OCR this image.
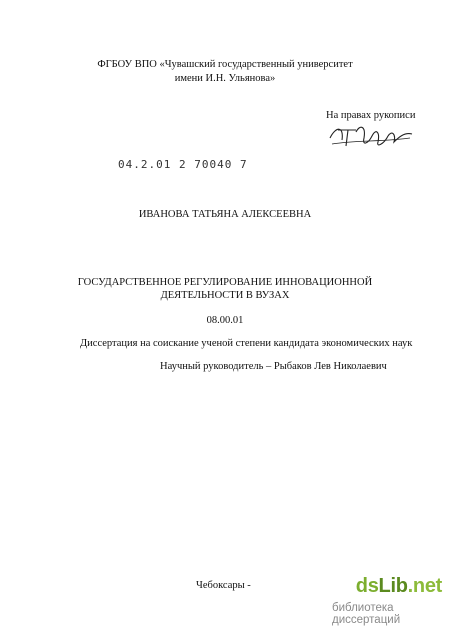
ФГБОУ ВПО «Чувашский государственный университет
имени И.Н. Ульянова»
На правах рукописи
04.2.01 2 70040 7
ИВАНОВА ТАТЬЯНА АЛЕКСЕЕВНА
ГОСУДАРСТВЕННОЕ РЕГУЛИРОВАНИЕ ИННОВАЦИОННОЙ
ДЕЯТЕЛЬНОСТИ В ВУЗАХ
08.00.01
Диссертация на соискание ученой степени кандидата экономических наук
Научный руководитель – Рыбаков Лев Николаевич
Чебоксары -	dsLib.net
библиотека диссертаций
